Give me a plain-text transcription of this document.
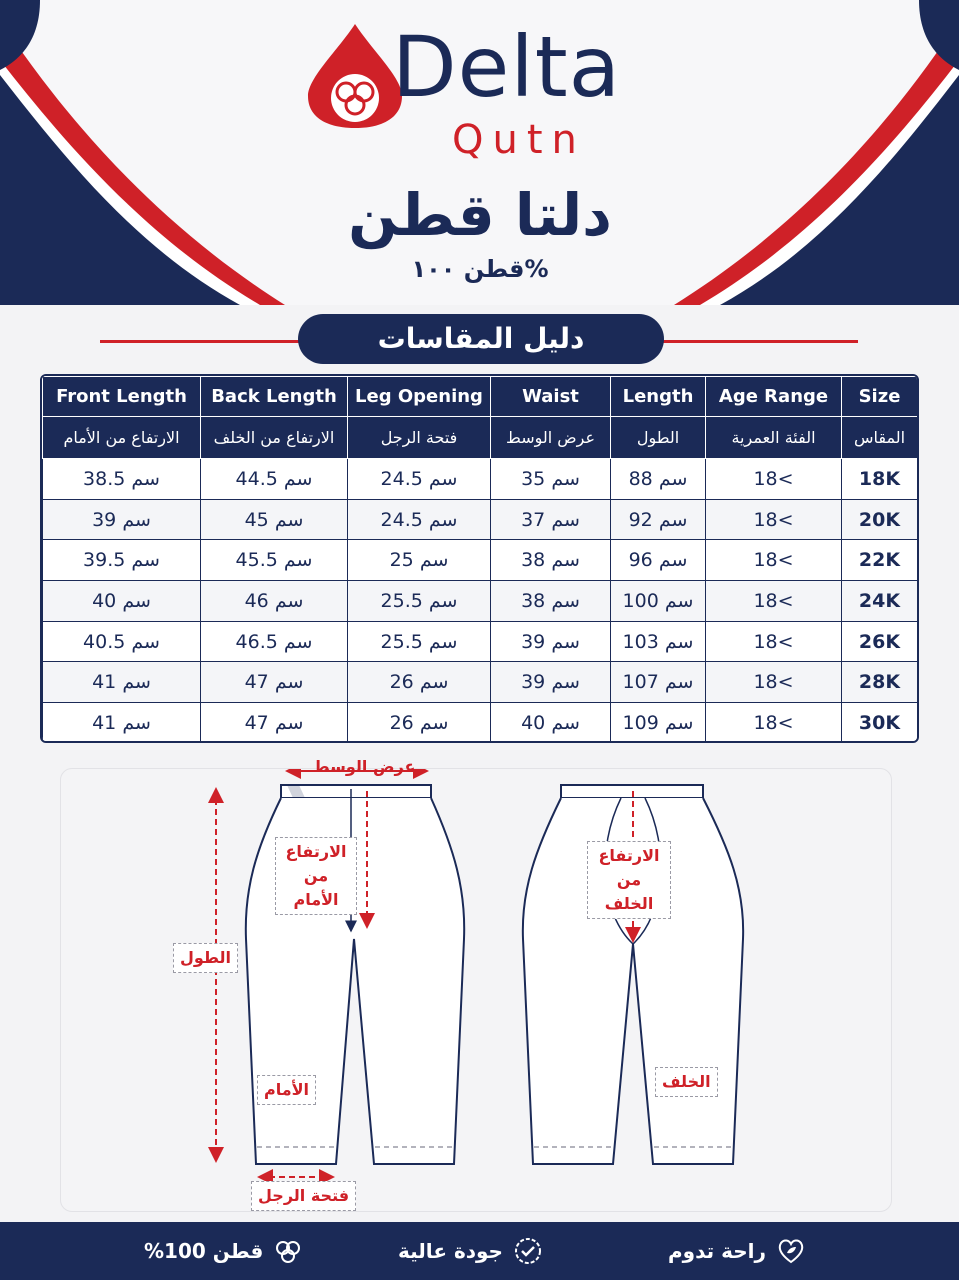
Delta
Qutn
دلتا قطن
قطن ١٠٠%
دليل المقاسات
Front Length	Back Length	Leg Opening	Waist	Length	Age Range	Size
الارتفاع من الأمام	الارتفاع من الخلف	فتحة الرجل	عرض الوسط	الطول	الفئة العمرية	المقاس
38.5 سم	44.5 سم	24.5 سم	35 سم	88 سم	18<	18K
39 سم	45 سم	24.5 سم	37 سم	92 سم	18<	20K
39.5 سم	45.5 سم	25 سم	38 سم	96 سم	18<	22K
40 سم	46 سم	25.5 سم	38 سم	100 سم	18<	24K
40.5 سم	46.5 سم	25.5 سم	39 سم	103 سم	18<	26K
41 سم	47 سم	26 سم	39 سم	107 سم	18<	28K
41 سم	47 سم	26 سم	40 سم	109 سم	18<	30K
عرض الوسط
الارتفاع
من الأمام
الطول
الأمام
فتحة الرجل
الارتفاع
من الخلف
الخلف
قطن 100%	جودة عالية	راحة تدوم
